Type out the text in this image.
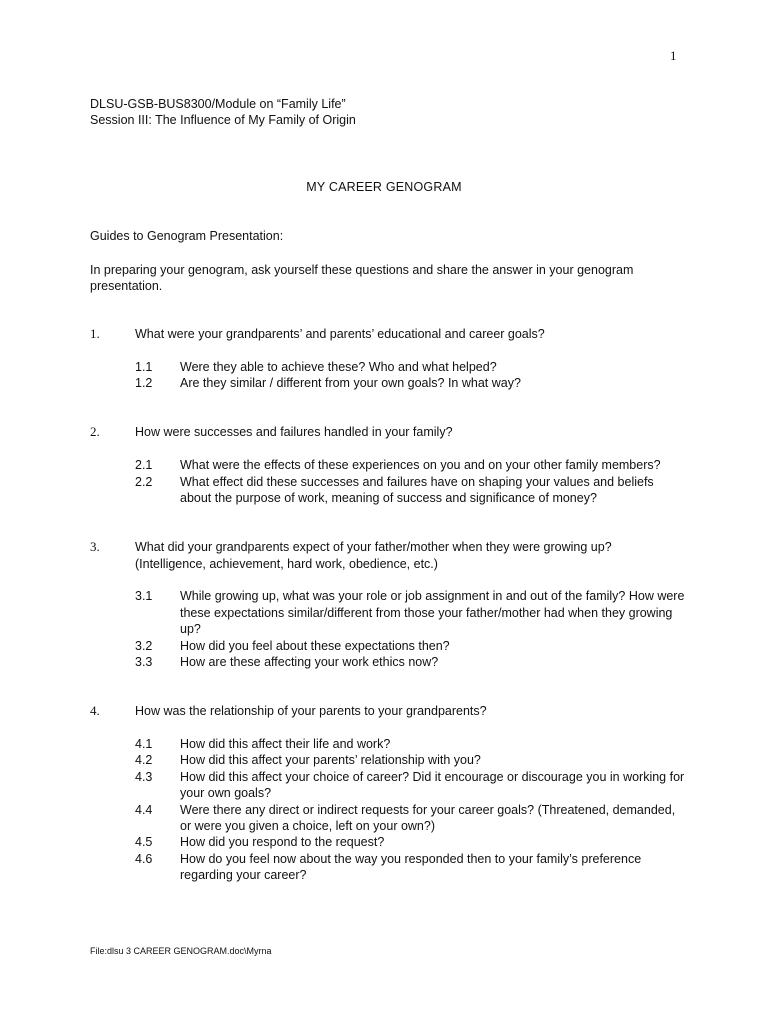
1
DLSU-GSB-BUS8300/Module on “Family Life”
Session III: The Influence of My Family of Origin
MY CAREER GENOGRAM
Guides to Genogram Presentation:
In preparing your genogram, ask yourself these questions and share the answer in your genogram presentation.
1.	What were your grandparents’ and parents’ educational and career goals?
1.1 Were they able to achieve these? Who and what helped?
1.2 Are they similar / different from your own goals? In what way?
2.	How were successes and failures handled in your family?
2.1 What were the effects of these experiences on you and on your other family members?
2.2 What effect did these successes and failures have on shaping your values and beliefs about the purpose of work, meaning of success and significance of money?
3.	What did your grandparents expect of your father/mother when they were growing up?
(Intelligence, achievement, hard work, obedience, etc.)
3.1 While growing up, what was your role or job assignment in and out of the family? How were these expectations similar/different from those your father/mother had when they growing up?
3.2 How did you feel about these expectations then?
3.3 How are these affecting your work ethics now?
4.	How was the relationship of your parents to your grandparents?
4.1 How did this affect their life and work?
4.2 How did this affect your parents’ relationship with you?
4.3 How did this affect your choice of career? Did it encourage or discourage you in working for your own goals?
4.4 Were there any direct or indirect requests for your career goals? (Threatened, demanded, or were you given a choice, left on your own?)
4.5 How did you respond to the request?
4.6 How do you feel now about the way you responded then to your family’s preference regarding your career?
File:dlsu 3 CAREER GENOGRAM.doc\Myrna
